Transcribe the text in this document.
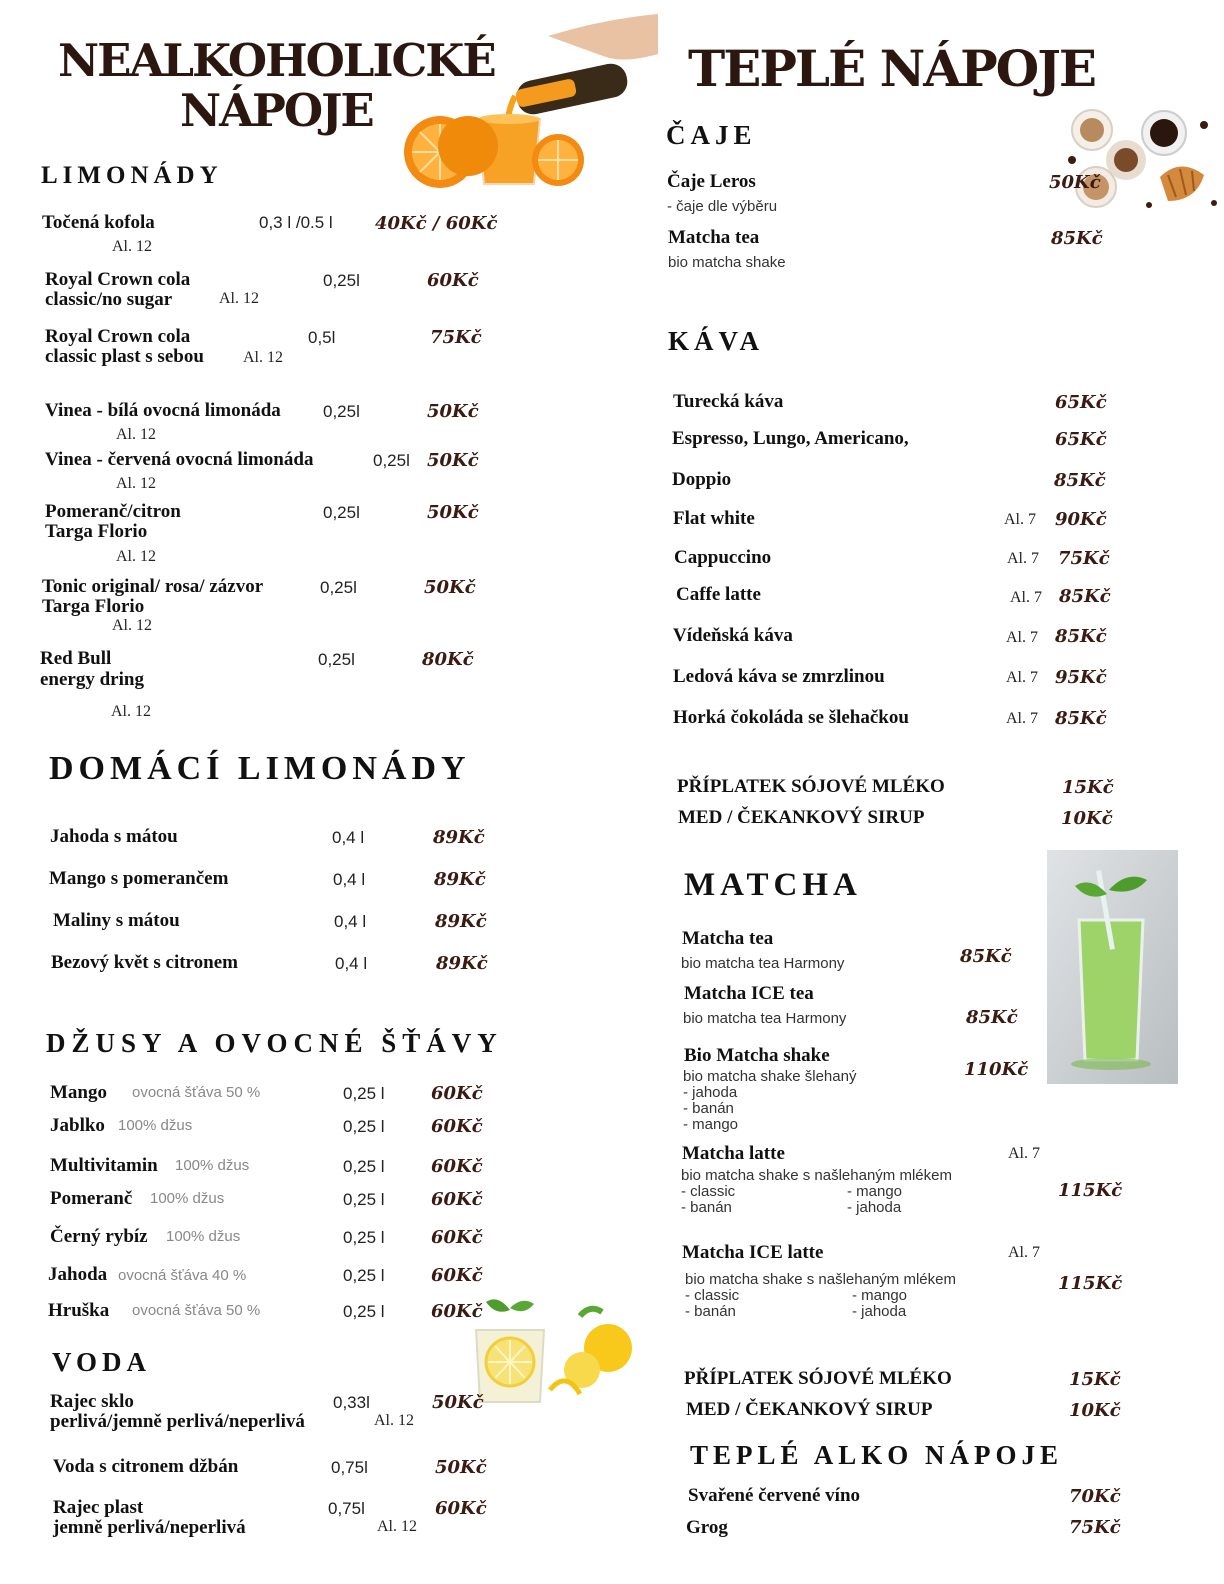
NEALKOHOLICKÉ
NÁPOJE
LIMONÁDY
Točená kofola	0,3 l /0.5 l 40Kč / 60Kč
Al. 12
Royal Crown cola
classic/no sugar
0,25l	60Kč
Al. 12
Royal Crown cola
classic plast s sebou
0,5l	75Kč
Al. 12
Vinea - bílá ovocná limonáda 0,25l	50Kč
Al. 12
Vinea - červená ovocná limonáda	0,25l 50Kč
Al. 12
Pomeranč/citron
Targa Florio
0,25l	50Kč
Al. 12
Tonic original/ rosa/ zázvor
Targa Florio
0,25l	50Kč
Al. 12
Red Bull
energy dring
0,25l	80Kč
Al. 12
DOMÁCÍ LIMONÁDY
Jahoda s mátou	0,4 l	89Kč
Mango s pomerančem	0,4 l	89Kč
Maliny s mátou	0,4 l	89Kč
Bezový květ s citronem	0,4 l	89Kč
DŽUSY A OVOCNÉ ŠŤÁVY
Mango ovocná šťáva 50 %	0,25 l	60Kč
Jablko 100% džus	0,25 l	60Kč
Multivitamin 100% džus	0,25 l	60Kč
Pomeranč 100% džus	0,25 l	60Kč
Černý rybíz 100% džus	0,25 l	60Kč
Jahoda ovocná šťáva 40 %	0,25 l	60Kč
Hruška ovocná šťáva 50 %	0,25 l	60Kč
VODA
Rajec sklo
perlivá/jemně perlivá/neperlivá
0,33l	50Kč
Al. 12
Voda s citronem džbán	0,75l	50Kč
Rajec plast
jemně perlivá/neperlivá
0,75l	60Kč
Al. 12
TEPLÉ NÁPOJE
ČAJE
Čaje Leros
- čaje dle výběru
50Kč
Matcha tea
bio matcha shake
85Kč
KÁVA
Turecká káva	65Kč
Espresso, Lungo, Americano,	65Kč
Doppio	85Kč
Flat white	Al. 7 90Kč
Cappuccino	Al. 7 75Kč
Caffe latte	Al. 7 85Kč
Vídeňská káva	Al. 7 85Kč
Ledová káva se zmrzlinou	Al. 7 95Kč
Horká čokoláda se šlehačkou	Al. 7 85Kč
PŘÍPLATEK SÓJOVÉ MLÉKO	15Kč
MED / ČEKANKOVÝ SIRUP	10Kč
MATCHA
Matcha tea
bio matcha tea Harmony	85Kč
Matcha ICE tea
bio matcha tea Harmony	85Kč
Bio Matcha shake
bio matcha shake šlehaný
- jahoda
- banán
- mango
110Kč
Matcha latte	Al. 7
bio matcha shake s našlehaným mlékem
- classic	- mango
- banán	- jahoda
115Kč
Matcha ICE latte	Al. 7
bio matcha shake s našlehaným mlékem
- classic	- mango
- banán	- jahoda
115Kč
PŘÍPLATEK SÓJOVÉ MLÉKO	15Kč
MED / ČEKANKOVÝ SIRUP	10Kč
TEPLÉ ALKO NÁPOJE
Svařené červené víno	70Kč
Grog	75Kč
